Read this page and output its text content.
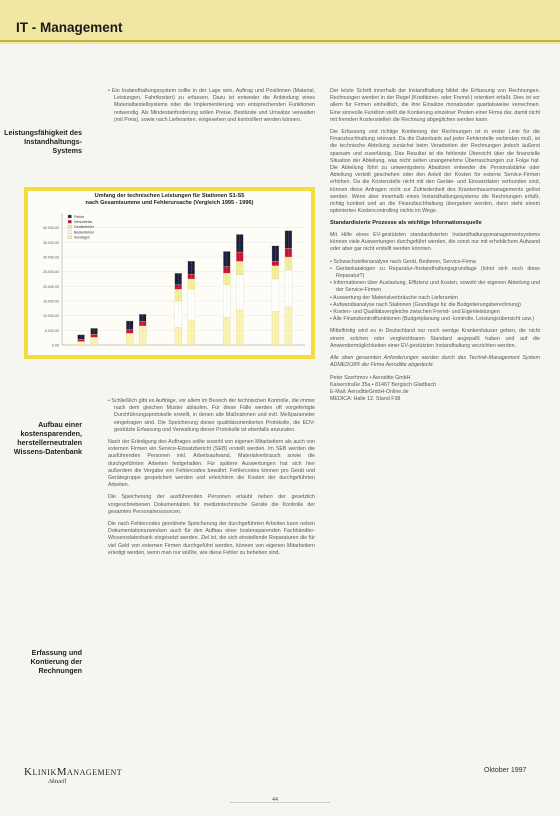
IT - Management
Leistungsfähigkeit des Instandhaltungs-Systems
Aufbau einer kostensparenden, herstellerneutralen Wissens-Datenbank
Erfassung und Kontierung der Rechnungen

• Ein Instandhaltungssystem sollte in der Lage sein, Auftrag und Positionen (Material, Leistungen, Fahrtkosten) zu erfassen. Dazu ist entweder die Anbindung eines Materialbestellsystems oder die Implementierung von entsprechenden Funktionen notwendig. Als Mindestanforderung sollen Preise, Bestände und Umsätze verwalten (mit Preis), sowie nach Lieferanten, eingesehen und kontrolliert werden können.

Umfang der technischen Leistungen für Stationen S1-S5
nach Gesamtsumme und Fehlerursache (Vergleich 1995 - 1996)
0,00
5.000,00
10.000,00
15.000,00
20.000,00
25.000,00
30.000,00
35.000,00
40.000,00
Fehler
Verschleiss
Gerätefehler
Bedienfehler
Sonstiges

• Schließlich gibt es Aufträge, vor allem im Bereich der technischen Kontrolle, die immer nach dem gleichen Muster ablaufen. Für diese Fälle werden oft vorgefertigte Durchführungsprotokolle erstellt, in denen alle Maßnahmen und evtl. Meßparameter eingetragen sind. Die Speicherung dieser qualitätsorientierten Protokolle, die EDV-gestützte Erfassung und Verwaltung dieser Protokolle ist ebenfalls anzuraten.

Nach der Erledigung des Auftrages sollte sowohl von eigenen Mitarbeitern als auch von externen Firmen ein Service-Einsatzbericht (SEB) erstellt werden. Im SEB werden die ausführenden Personen inkl. Arbeitsaufwand, Materialverbrauch sowie die durchgeführten Arbeiten festgehalten. Für spätere Auswertungen hat sich hier außerdem die Vergabe von Fehlercodes bewährt. Fehlercodes können pro Gerät und Gerätegruppe gespeichert werden und erleichtern die Kosten der durchgeführten Arbeiten.

Die Speicherung der ausführenden Personen erlaubt neben der gesetzlich vorgeschriebenen Dokumentation für medizintechnische Geräte die Kontrolle der gesamten Personalressourcen.

Die nach Fehlercodes geordnete Speicherung der durchgeführten Arbeiten kann neben Dokumentationszwecken auch für den Aufbau einer kostensparenden Fachhändler-Wissensdatenbank eingesetzt werden. Ziel ist, die sich einstellende Reparaturen die für viel Geld von externen Firmen durchgeführt werden, können von eigenen Mitarbeitern erledigt werden, wenn man nur wüßte, wie diese Fehler zu beheben sind.

Der letzte Schritt innerhalb der Instandhaltung bildet die Erfassung von Rechnungen. Rechnungen werden in der Regel (Kreditoren- oder Fremd-) orientiert erfaßt. Dies ist vor allem für Firmen einheitlich, die ihre Einsätze monatsoder quartalsweise verrechnen. Eine sinnvolle Funktion stellt die Kontierung einzelner Posten einer Firma dar, damit nicht mit fremden Kostenstellen die Rechnung abgeglichen werden kann.

Die Erfassung und richtige Kontierung der Rechnungen ist in erster Linie für die Finanzbuchhaltung relevant. Da die Datenbank auf jeder Fehlerstelle verbinden muß, ist die technische Abteilung zunächst beim Verarbeiten der Rechnungen jedoch äußerst sparsam und zuverlässig. Das Resultat ist die fehlende Übersicht über die finanzielle Situation der Abteilung, was nicht selten unangenehme Überraschungen zur Folge hat. Die Abteilung führt zu umwenigstens Absätzen entweder die Personalstärke oder Abteilung verteilt geschehen oder den Anteil der Kosten für externe Service-Firmen erhöhen. Da die Kostenstelle nicht mit den Geräte- und Einsatzdaten verbunden sind, können diese Anfragen nicht zur Zufriedenheit des Krankenhausmanagements gelöst werden. Wenn aber innerhalb eines Instandhaltungssystems die Rechnungen erfaßt, richtig kontiert und an die Finanzbuchhaltung übergeben werden, dann steht einem optimierten Kostencontrolling nichts im Wege.

Standardisierte Prozesse als wichtige Informationsquelle

Mit Hilfe eines EV-gestützten standardisierten Instandhaltungsmanagementsystems können viele Auswertungen durchgeführt werden, die sonst nur mit erheblichem Aufwand oder aber gar nicht erstellt werden könnten.

• Schwachstellenanalyse nach Gerät, Bediener, Service-Firma
• Gerätekatalogen zu Reparatur-/Instandhaltungsgrundlage (lohnt sich noch diese Reparatur?)
• Informationen über Auslastung, Effizienz und Kosten, sowohl der eigenen Abteilung und der Service-Firmen
• Auswertung der Materialverbräuche nach Lieferanten
• Aufwandsanalyse nach Stationen (Grundlage für die Budgetierungsberechnung)
• Kosten- und Qualitätsvergleiche zwischen Fremd- und Eigenleistungen
• Alle Finanzkontrollfunktionen (Budgetplanung und -kontrolle, Leistungsübersicht usw.)

Mittelfristig wird es in Deutschland nur noch wenige Krankenhäuser geben, die nicht einem solchen oder vergleichbaren Standard angepaßt haben und auf die Anwendermöglichkeiten einer EV-gestützten Instandhaltung verzichten werden.

Alle oben genannten Anforderungen werden durch das Technik-Management System ADMEDO8® der Firma Aeroditte abgedeckt.

Peter Szerhmov • Aeroditte GmbH
Kaiserstraße 35a • 81467 Bergisch Gladbach
E-Mail: AeroditteGmbH-Online.de
MEDICA: Halle 12, Stand F38
KLINIKMANAGEMENT
Aktuell
Oktober 1997
44
